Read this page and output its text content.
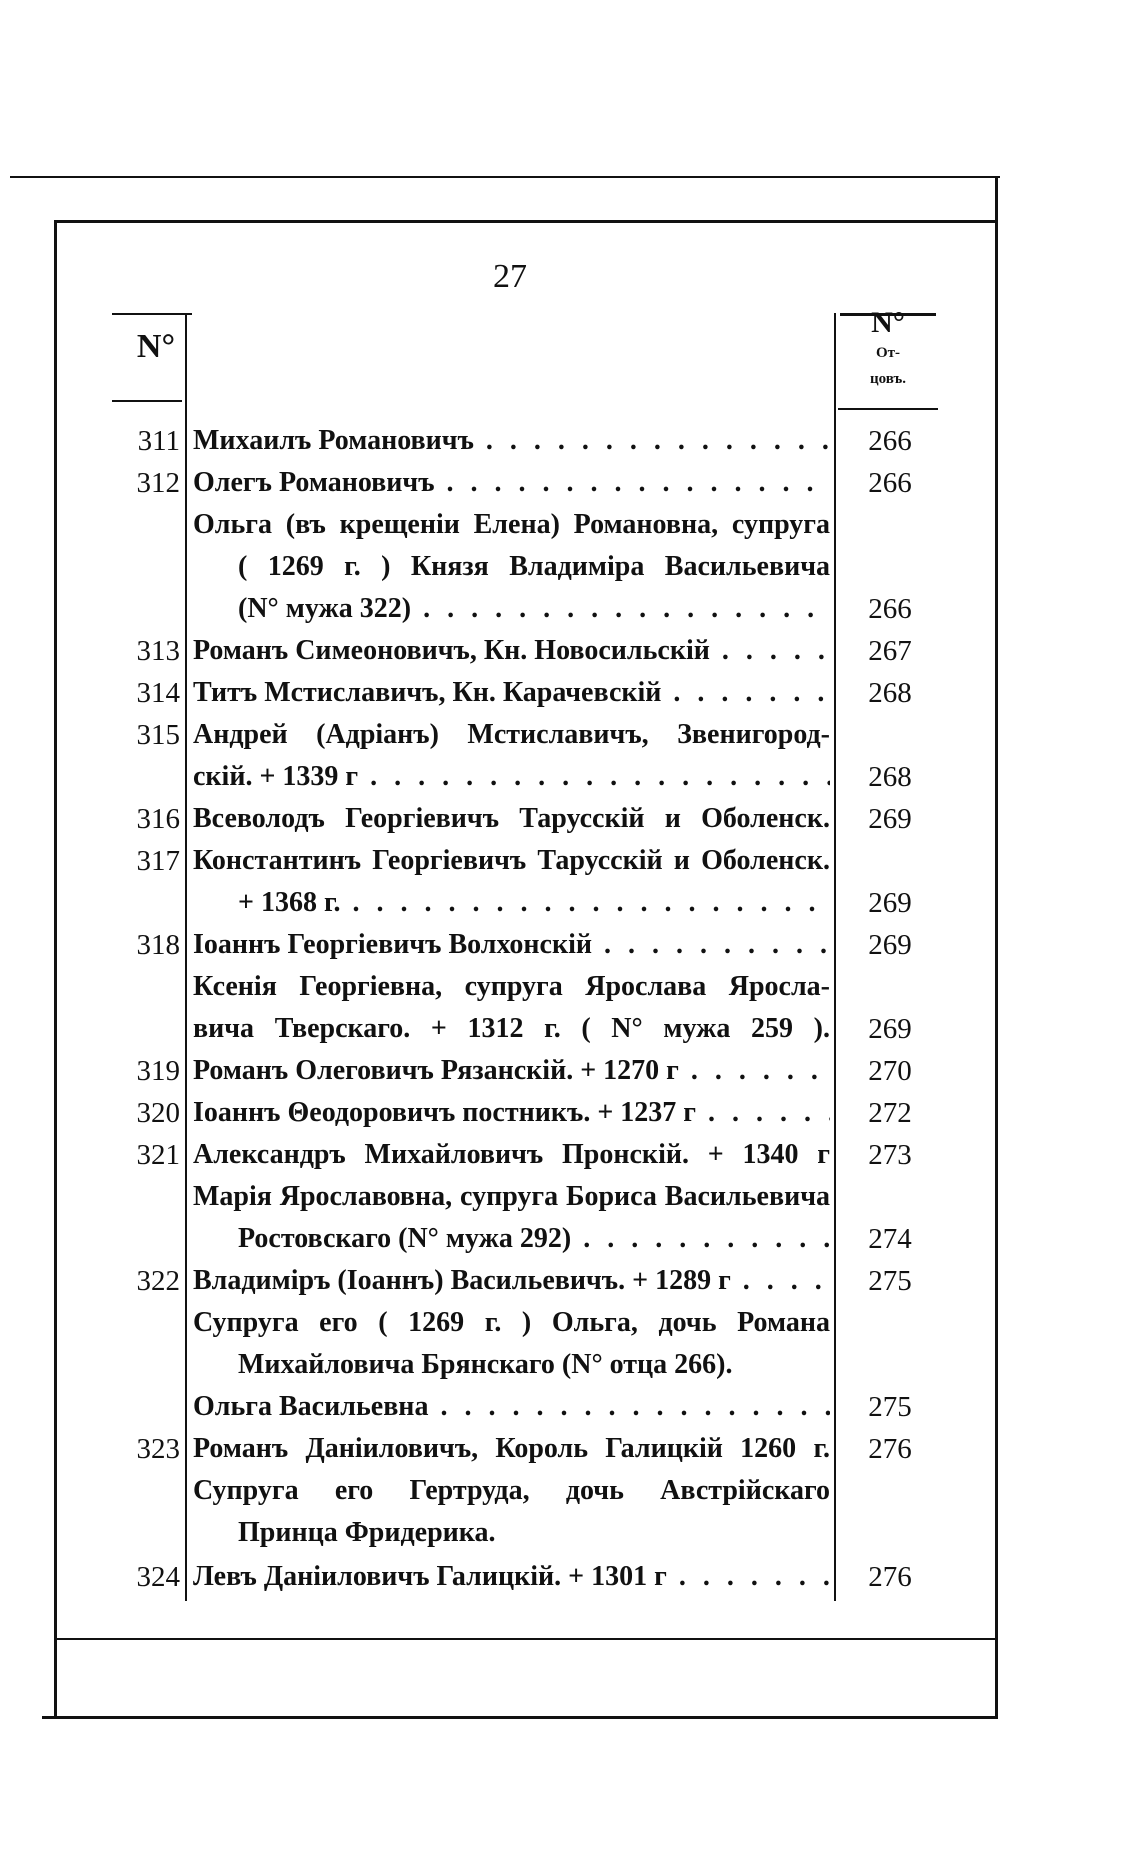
27
N°
N°
От-
цовъ.
311 Михаилъ Романовичъ . . .	266
312 Олегъ Романовичъ . . .	266
Ольга (въ крещеніи Елена) Романовна, супруга
( 1269 г. ) Князя Владиміра Васильевича
(N° мужа 322) . . .	266
313 Романъ Симеоновичъ, Кн. Новосильскій . . .	267
314 Титъ Мстиславичъ, Кн. Карачевскій . . .	268
315 Андрей (Адріанъ) Мстиславичъ, Звенигород-
скій. + 1339 г . . .	268
316 Всеволодъ Георгіевичъ Тарусскій и Оболенск.	269
317 Константинъ Георгіевичъ Тарусскій и Оболенск.
+ 1368 г. . . .	269
318 Іоаннъ Георгіевичъ Волхонскій . . .	269
Ксенія Георгіевна, супруга Ярослава Яросла-
вича Тверскаго. + 1312 г. ( N° мужа 259 ).	269
319 Романъ Олеговичъ Рязанскій. + 1270 г . . .	270
320 Іоаннъ Θеодоровичъ постникъ. + 1237 г . . .	272
321 Александръ Михайловичъ Пронскій. + 1340 г	273
Марія Ярославовна, супруга Бориса Васильевича
Ростовскаго (N° мужа 292) . . .	274
322 Владиміръ (Іоаннъ) Васильевичъ. + 1289 г . . .	275
Супруга его ( 1269 г. ) Ольга, дочь Романа
Михайловича Брянскаго (N° отца 266).
Ольга Васильевна . . .	275
323 Романъ Даніиловичъ, Король Галицкій 1260 г.	276
Супруга его Гертруда, дочь Австрійскаго
Принца Фридерика.
324 Левъ Даніиловичъ Галицкій. + 1301 г . . .	276
